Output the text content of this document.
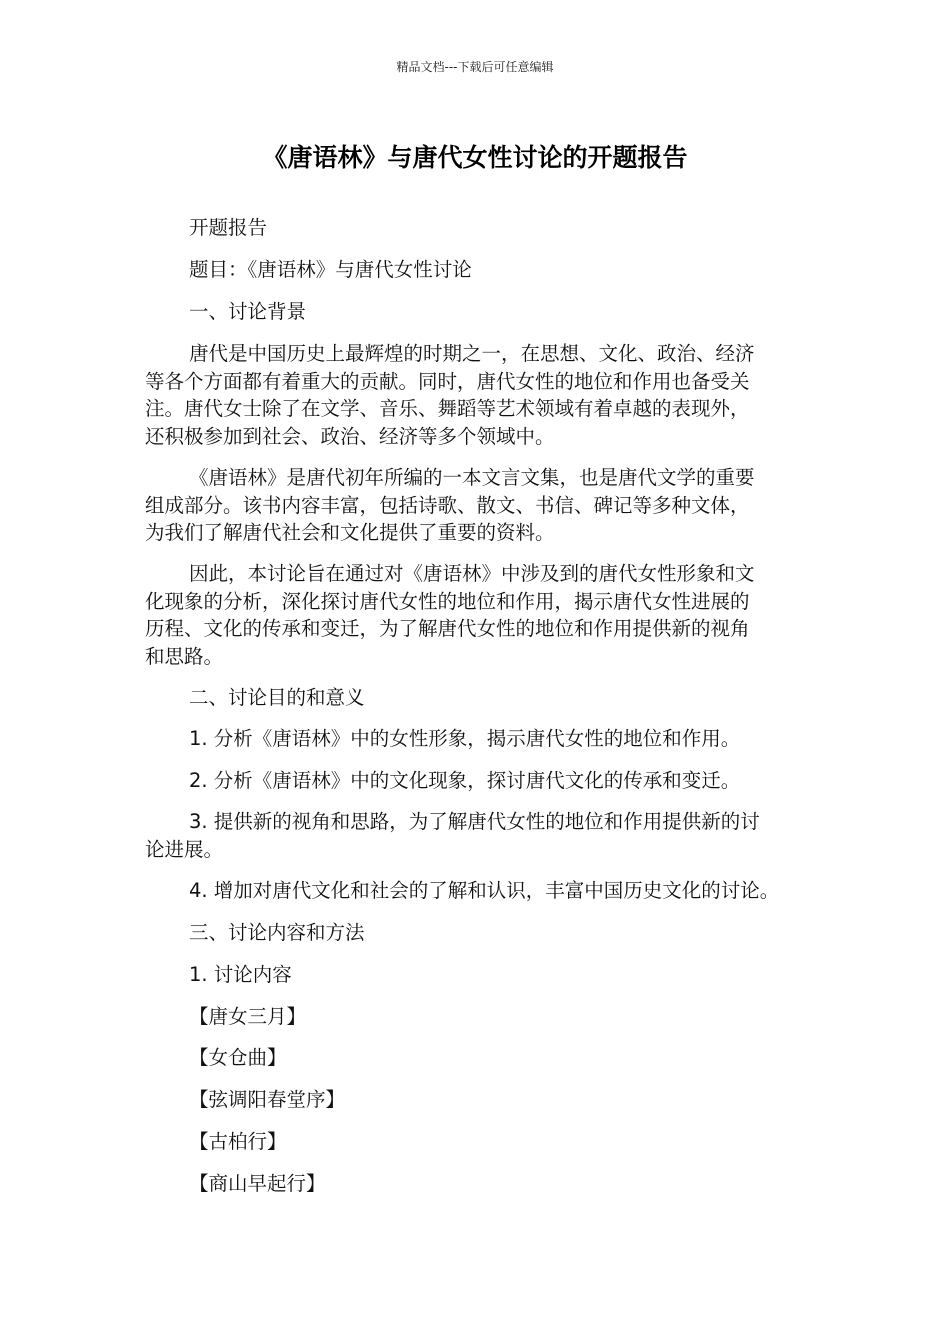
精品文档---下载后可任意编辑
《唐语林》与唐代女性讨论的开题报告
开题报告
题目：《唐语林》与唐代女性讨论
一、讨论背景
唐代是中国历史上最辉煌的时期之一，在思想、文化、政治、经济
等各个方面都有着重大的贡献。同时，唐代女性的地位和作用也备受关
注。唐代女士除了在文学、音乐、舞蹈等艺术领域有着卓越的表现外，
还积极参加到社会、政治、经济等多个领域中。
《唐语林》是唐代初年所编的一本文言文集，也是唐代文学的重要
组成部分。该书内容丰富，包括诗歌、散文、书信、碑记等多种文体，
为我们了解唐代社会和文化提供了重要的资料。
因此，本讨论旨在通过对《唐语林》中涉及到的唐代女性形象和文
化现象的分析，深化探讨唐代女性的地位和作用，揭示唐代女性进展的
历程、文化的传承和变迁，为了解唐代女性的地位和作用提供新的视角
和思路。
二、讨论目的和意义
1. 分析《唐语林》中的女性形象，揭示唐代女性的地位和作用。
2. 分析《唐语林》中的文化现象，探讨唐代文化的传承和变迁。
3. 提供新的视角和思路，为了解唐代女性的地位和作用提供新的讨
论进展。
4. 增加对唐代文化和社会的了解和认识，丰富中国历史文化的讨论。
三、讨论内容和方法
1. 讨论内容
【唐女三月】
【女仓曲】
【弦调阳春堂序】
【古柏行】
【商山早起行】
